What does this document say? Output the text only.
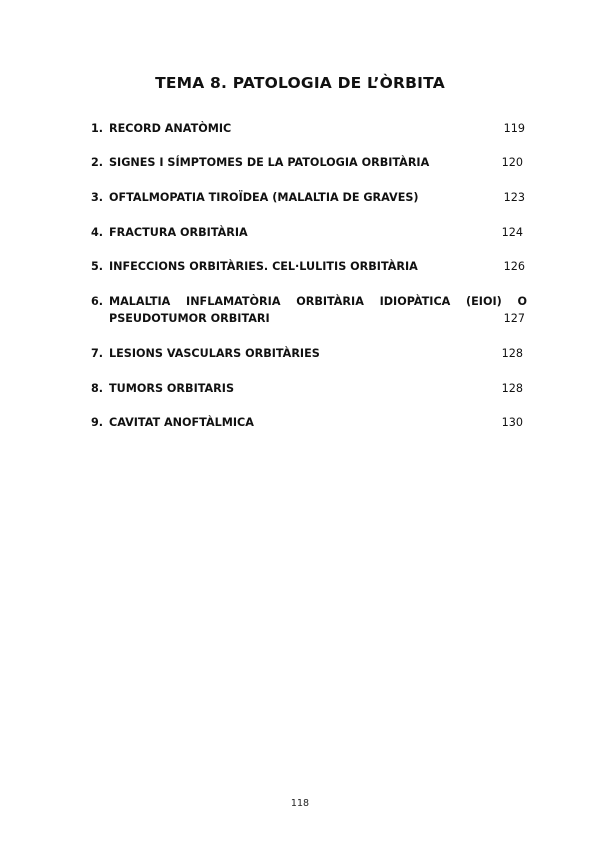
TEMA 8. PATOLOGIA DE L’ÒRBITA
1. RECORD ANATÒMIC	119
2. SIGNES I SÍMPTOMES DE LA PATOLOGIA ORBITÀRIA	120
3. OFTALMOPATIA TIROÏDEA (MALALTIA DE GRAVES)	123
4. FRACTURA ORBITÀRIA	124
5. INFECCIONS ORBITÀRIES. CEL·LULITIS ORBITÀRIA	126
6. MALALTIA INFLAMATÒRIA ORBITÀRIA IDIOPÀTICA (EIOI) O
PSEUDOTUMOR ORBITARI	127
7. LESIONS VASCULARS ORBITÀRIES	128
8. TUMORS ORBITARIS	128
9. CAVITAT ANOFTÀLMICA	130
118
